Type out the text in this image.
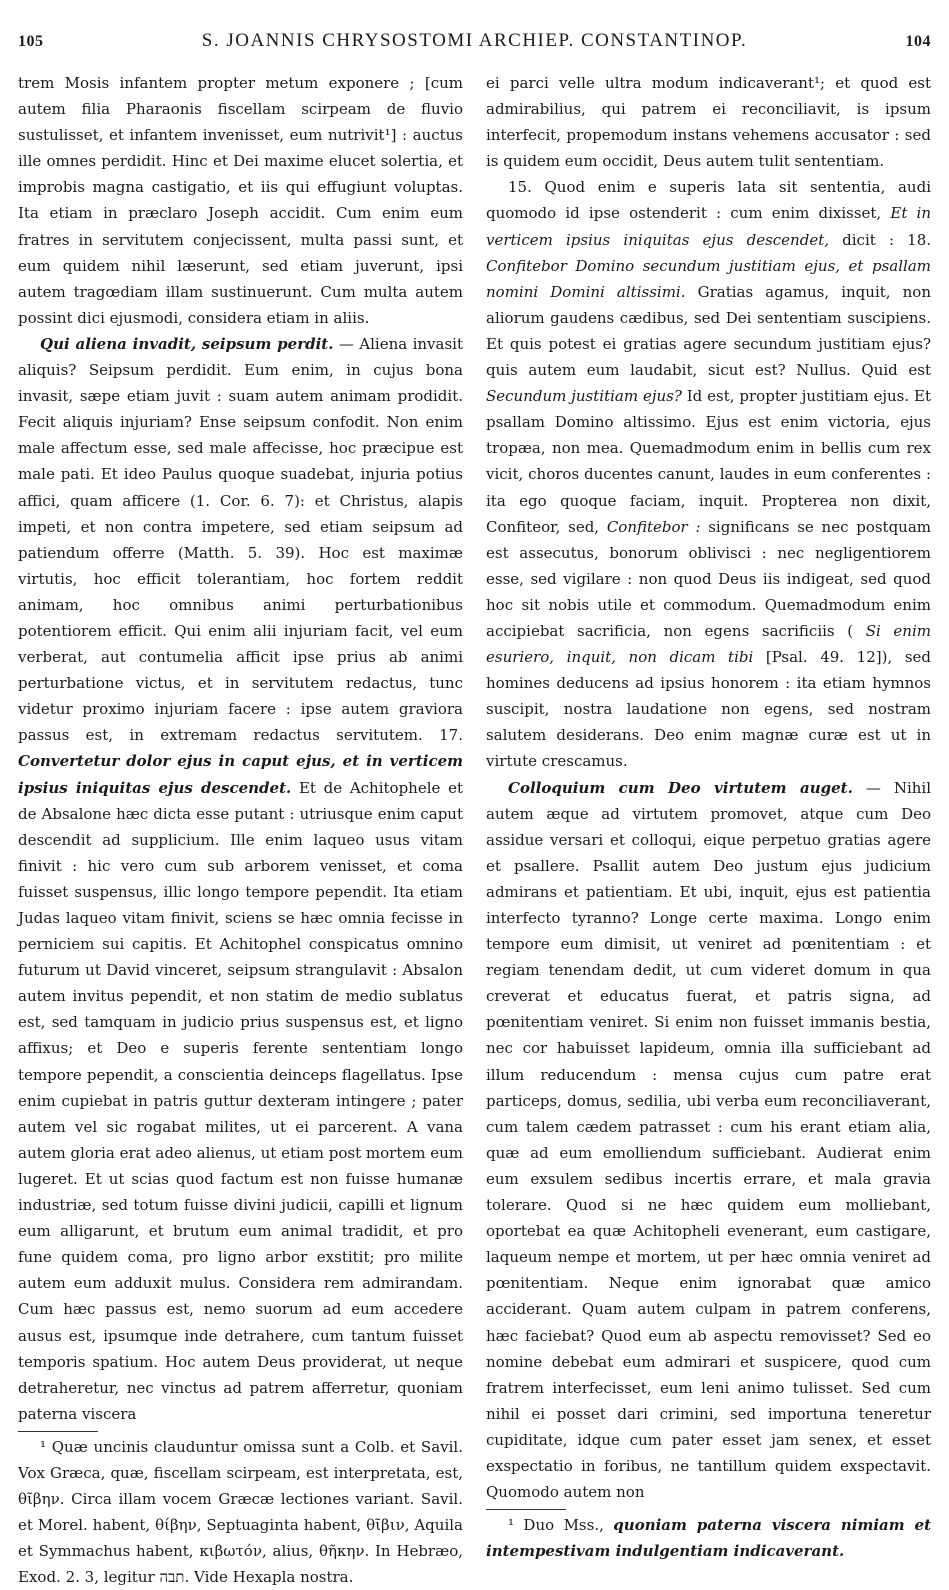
105	S. JOANNIS CHRYSOSTOMI ARCHIEP. CONSTANTINOP.	104

trem Mosis infantem propter metum exponere ; [cum autem filia Pharaonis fiscellam scirpeam de fluvio sustulisset, et infantem invenisset, eum nutrivit¹] : auctus ille omnes perdidit. Hinc et Dei maxime elucet solertia, et improbis magna castigatio, et iis qui effugiunt voluptas. Ita etiam in præclaro Joseph accidit. Cum enim eum fratres in servitutem conjecissent, multa passi sunt, et eum quidem nihil læserunt, sed etiam juverunt, ipsi autem tragœdiam illam sustinuerunt. Cum multa autem possint dici ejusmodi, considera etiam in aliis.

Qui aliena invadit, seipsum perdit. — Aliena invasit aliquis? Seipsum perdidit. Eum enim, in cujus bona invasit, sæpe etiam juvit : suam autem animam prodidit. Fecit aliquis injuriam? Ense seipsum confodit. Non enim male affectum esse, sed male affecisse, hoc præcipue est male pati. Et ideo Paulus quoque suadebat, injuria potius affici, quam afficere (1. Cor. 6. 7): et Christus, alapis impeti, et non contra impetere, sed etiam seipsum ad patiendum offerre (Matth. 5. 39). Hoc est maximæ virtutis, hoc efficit tolerantiam, hoc fortem reddit animam, hoc omnibus animi perturbationibus potentiorem efficit. Qui enim alii injuriam facit, vel eum verberat, aut contumelia afficit ipse prius ab animi perturbatione victus, et in servitutem redactus, tunc videtur proximo injuriam facere : ipse autem graviora passus est, in extremam redactus servitutem. 17. Convertetur dolor ejus in caput ejus, et in verticem ipsius iniquitas ejus descendet. Et de Achitophele et de Absalone hæc dicta esse putant : utriusque enim caput descendit ad supplicium. Ille enim laqueo usus vitam finivit : hic vero cum sub arborem venisset, et coma fuisset suspensus, illic longo tempore pependit. Ita etiam Judas laqueo vitam finivit, sciens se hæc omnia fecisse in perniciem sui capitis. Et Achitophel conspicatus omnino futurum ut David vinceret, seipsum strangulavit : Absalon autem invitus pependit, et non statim de medio sublatus est, sed tamquam in judicio prius suspensus est, et ligno affixus; et Deo e superis ferente sententiam longo tempore pependit, a conscientia deinceps flagellatus. Ipse enim cupiebat in patris guttur dexteram intingere ; pater autem vel sic rogabat milites, ut ei parcerent. A vana autem gloria erat adeo alienus, ut etiam post mortem eum lugeret. Et ut scias quod factum est non fuisse humanæ industriæ, sed totum fuisse divini judicii, capilli et lignum eum alligarunt, et brutum eum animal tradidit, et pro fune quidem coma, pro ligno arbor exstitit; pro milite autem eum adduxit mulus. Considera rem admirandam. Cum hæc passus est, nemo suorum ad eum accedere ausus est, ipsumque inde detrahere, cum tantum fuisset temporis spatium. Hoc autem Deus providerat, ut neque detraheretur, nec vinctus ad patrem afferretur, quoniam paterna viscera

¹ Quæ uncinis clauduntur omissa sunt a Colb. et Savil. Vox Græca, quæ, fiscellam scirpeam, est interpretata, est, θῖβην. Circa illam vocem Græcæ lectiones variant. Savil. et Morel. habent, θίβην, Septuaginta habent, θῖβιν, Aquila et Symmachus habent, κιβωτόν, alius, θῆκην. In Hebræo, Exod. 2. 3, legitur תבה. Vide Hexapla nostra.

ei parci velle ultra modum indicaverant¹; et quod est admirabilius, qui patrem ei reconciliavit, is ipsum interfecit, propemodum instans vehemens accusator : sed is quidem eum occidit, Deus autem tulit sententiam.

15. Quod enim e superis lata sit sententia, audi quomodo id ipse ostenderit : cum enim dixisset, Et in verticem ipsius iniquitas ejus descendet, dicit : 18. Confitebor Domino secundum justitiam ejus, et psallam nomini Domini altissimi. Gratias agamus, inquit, non aliorum gaudens cædibus, sed Dei sententiam suscipiens. Et quis potest ei gratias agere secundum justitiam ejus? quis autem eum laudabit, sicut est? Nullus. Quid est Secundum justitiam ejus? Id est, propter justitiam ejus. Et psallam Domino altissimo. Ejus est enim victoria, ejus tropæa, non mea. Quemadmodum enim in bellis cum rex vicit, choros ducentes canunt, laudes in eum conferentes : ita ego quoque faciam, inquit. Propterea non dixit, Confiteor, sed, Confitebor : significans se nec postquam est assecutus, bonorum oblivisci : nec negligentiorem esse, sed vigilare : non quod Deus iis indigeat, sed quod hoc sit nobis utile et commodum. Quemadmodum enim accipiebat sacrificia, non egens sacrificiis ( Si enim esuriero, inquit, non dicam tibi [Psal. 49. 12]), sed homines deducens ad ipsius honorem : ita etiam hymnos suscipit, nostra laudatione non egens, sed nostram salutem desiderans. Deo enim magnæ curæ est ut in virtute crescamus.

Colloquium cum Deo virtutem auget. — Nihil autem æque ad virtutem promovet, atque cum Deo assidue versari et colloqui, eique perpetuo gratias agere et psallere. Psallit autem Deo justum ejus judicium admirans et patientiam. Et ubi, inquit, ejus est patientia interfecto tyranno? Longe certe maxima. Longo enim tempore eum dimisit, ut veniret ad pœnitentiam : et regiam tenendam dedit, ut cum videret domum in qua creverat et educatus fuerat, et patris signa, ad pœnitentiam veniret. Si enim non fuisset immanis bestia, nec cor habuisset lapideum, omnia illa sufficiebant ad illum reducendum : mensa cujus cum patre erat particeps, domus, sedilia, ubi verba eum reconciliaverant, cum talem cædem patrasset : cum his erant etiam alia, quæ ad eum emolliendum sufficiebant. Audierat enim eum exsulem sedibus incertis errare, et mala gravia tolerare. Quod si ne hæc quidem eum molliebant, oportebat ea quæ Achitopheli evenerant, eum castigare, laqueum nempe et mortem, ut per hæc omnia veniret ad pœnitentiam. Neque enim ignorabat quæ amico acciderant. Quam autem culpam in patrem conferens, hæc faciebat? Quod eum ab aspectu removisset? Sed eo nomine debebat eum admirari et suspicere, quod cum fratrem interfecisset, eum leni animo tulisset. Sed cum nihil ei posset dari crimini, sed importuna teneretur cupiditate, idque cum pater esset jam senex, et esset exspectatio in foribus, ne tantillum quidem exspectavit. Quomodo autem non

¹ Duo Mss., quoniam paterna viscera nimiam et intempestivam indulgentiam indicaverant.
